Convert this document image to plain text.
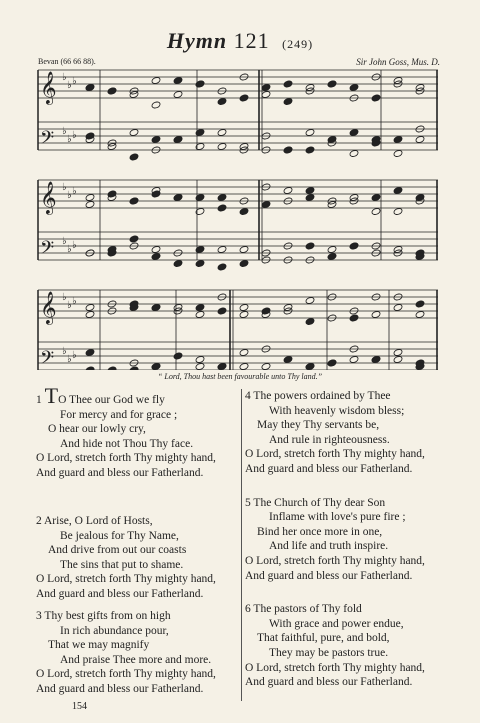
Hymn 121 (249)
Bevan (66 66 88).	Sir John Goss, Mus. D.
𝄞
𝄢
𝄞
𝄢
𝄞
𝄢
♭
♭ ♭
♭
♭ ♭
♭
♭ ♭
♭
♭ ♭
♭
♭ ♭
♭
♭ ♭
“ Lord, Thou hast been favourable unto Thy land.”
1 TO Thee our God we fly
For mercy and for grace ;
O hear our lowly cry,
And hide not Thou Thy face.
O Lord, stretch forth Thy mighty hand,
And guard and bless our Fatherland.
2 Arise, O Lord of Hosts,
Be jealous for Thy Name,
And drive from out our coasts
The sins that put to shame.
O Lord, stretch forth Thy mighty hand,
And guard and bless our Fatherland.
3 Thy best gifts from on high
In rich abundance pour,
That we may magnify
And praise Thee more and more.
O Lord, stretch forth Thy mighty hand,
And guard and bless our Fatherland.
4 The powers ordained by Thee
With heavenly wisdom bless;
May they Thy servants be,
And rule in righteousness.
O Lord, stretch forth Thy mighty hand,
And guard and bless our Fatherland.
5 The Church of Thy dear Son
Inflame with love's pure fire ;
Bind her once more in one,
And life and truth inspire.
O Lord, stretch forth Thy mighty hand,
And guard and bless our Fatherland.
6 The pastors of Thy fold
With grace and power endue,
That faithful, pure, and bold,
They may be pastors true.
O Lord, stretch forth Thy mighty hand,
And guard and bless our Fatherland.
154
